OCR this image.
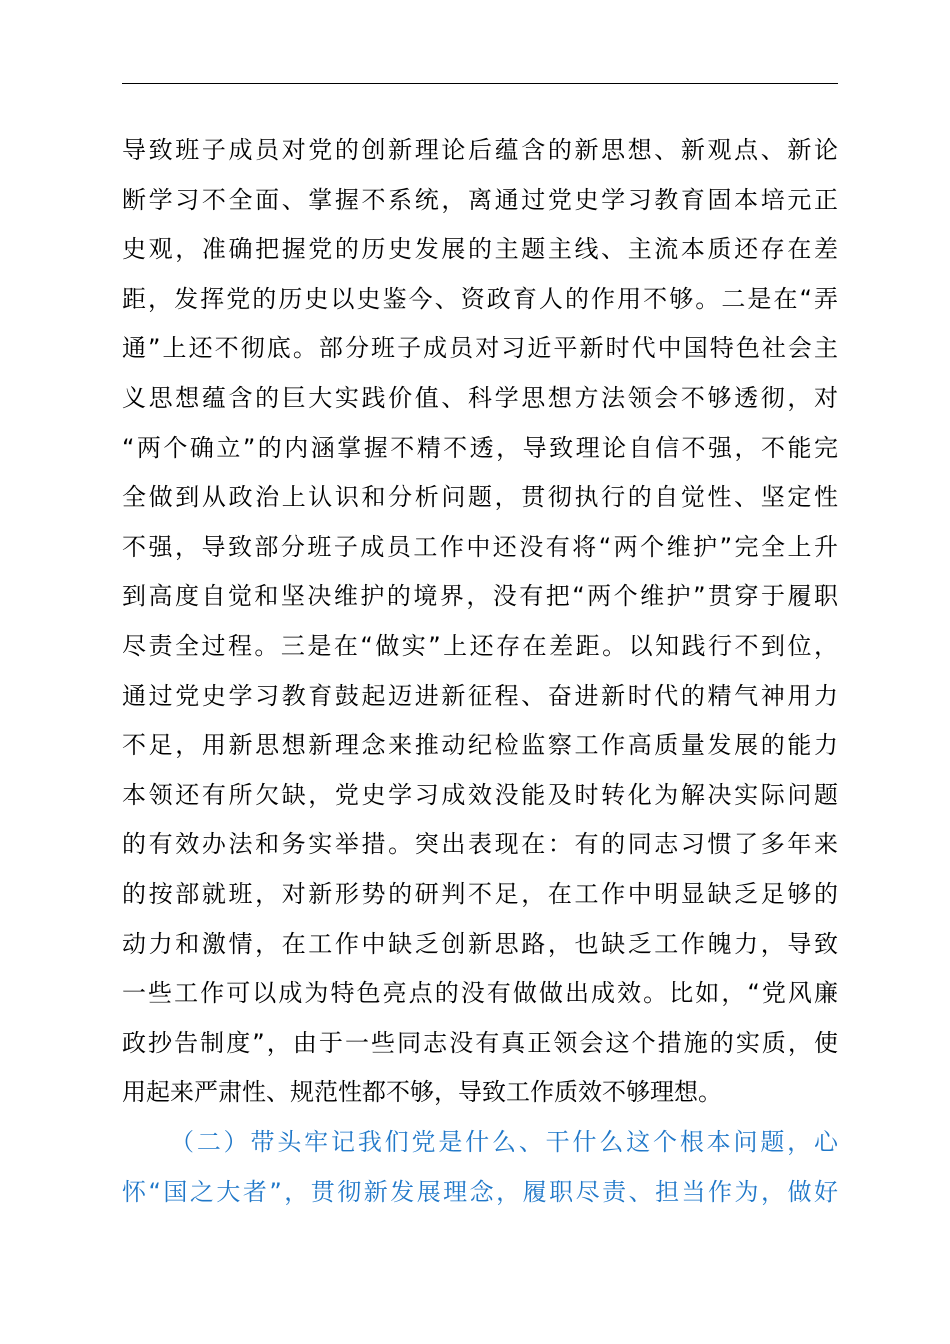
导致班子成员对党的创新理论后蕴含的新思想、新观点、新论
断学习不全面、掌握不系统，离通过党史学习教育固本培元正
史观，准确把握党的历史发展的主题主线、主流本质还存在差
距，发挥党的历史以史鉴今、资政育人的作用不够。二是在“弄
通”上还不彻底。部分班子成员对习近平新时代中国特色社会主
义思想蕴含的巨大实践价值、科学思想方法领会不够透彻，对
“两个确立”的内涵掌握不精不透，导致理论自信不强，不能完
全做到从政治上认识和分析问题，贯彻执行的自觉性、坚定性
不强，导致部分班子成员工作中还没有将“两个维护”完全上升
到高度自觉和坚决维护的境界，没有把“两个维护”贯穿于履职
尽责全过程。三是在“做实”上还存在差距。以知践行不到位，
通过党史学习教育鼓起迈进新征程、奋进新时代的精气神用力
不足，用新思想新理念来推动纪检监察工作高质量发展的能力
本领还有所欠缺，党史学习成效没能及时转化为解决实际问题
的有效办法和务实举措。突出表现在：有的同志习惯了多年来
的按部就班，对新形势的研判不足，在工作中明显缺乏足够的
动力和激情，在工作中缺乏创新思路，也缺乏工作魄力，导致
一些工作可以成为特色亮点的没有做做出成效。比如，“党风廉
政抄告制度”，由于一些同志没有真正领会这个措施的实质，使
用起来严肃性、规范性都不够，导致工作质效不够理想。
（二）带头牢记我们党是什么、干什么这个根本问题，心
怀“国之大者”，贯彻新发展理念，履职尽责、担当作为，做好
